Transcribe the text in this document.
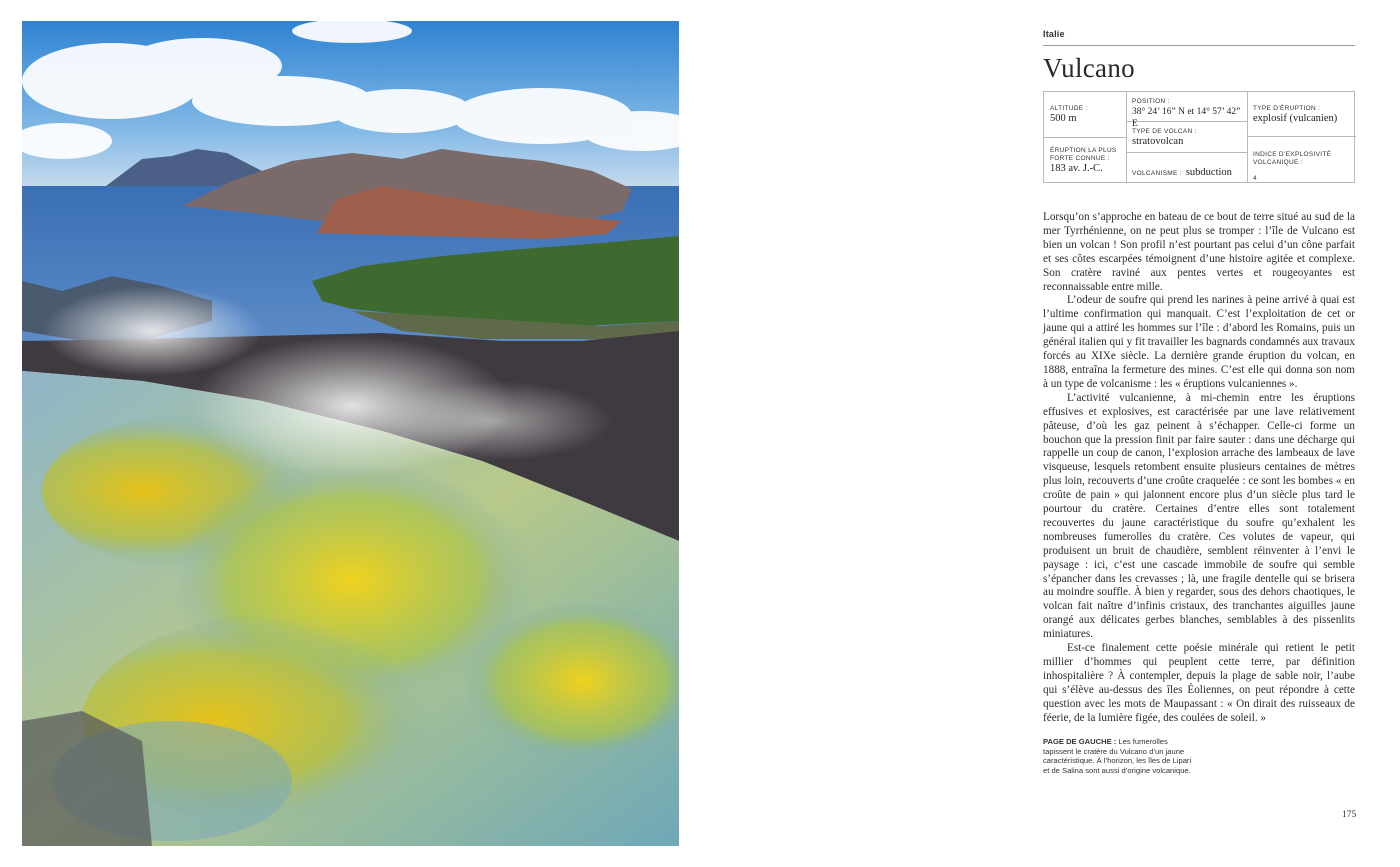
Italie
Vulcano
ALTITUDE :
500 m
ÉRUPTION LA PLUS FORTE CONNUE :
183 av. J.-C.
POSITION :
38° 24’ 16” N et 14° 57’ 42” E
TYPE DE VOLCAN :
stratovolcan
VOLCANISME : subduction
TYPE D’ÉRUPTION :
explosif (vulcanien)
INDICE D’EXPLOSIVITÉ VOLCANIQUE :
4

Lorsqu’on s’approche en bateau de ce bout de terre situé au sud de la mer Tyrrhénienne, on ne peut plus se tromper : l’île de Vulcano est bien un volcan ! Son profil n’est pourtant pas celui d’un cône parfait et ses côtes escarpées témoignent d’une histoire agitée et complexe. Son cratère raviné aux pentes vertes et rougeoyantes est reconnaissable entre mille.

L’odeur de soufre qui prend les narines à peine arrivé à quai est l’ultime confirmation qui manquait. C’est l’exploitation de cet or jaune qui a attiré les hommes sur l’île : d’abord les Romains, puis un général italien qui y fit travailler les bagnards condamnés aux travaux forcés au XIXe siècle. La dernière grande éruption du volcan, en 1888, entraîna la fermeture des mines. C’est elle qui donna son nom à un type de volcanisme : les « éruptions vulcaniennes ».

L’activité vulcanienne, à mi-chemin entre les éruptions effusives et explosives, est caractérisée par une lave relativement pâteuse, d’où les gaz peinent à s’échapper. Celle-ci forme un bouchon que la pression finit par faire sauter : dans une décharge qui rappelle un coup de canon, l’explosion arrache des lambeaux de lave visqueuse, lesquels retombent ensuite plusieurs centaines de mètres plus loin, recouverts d’une croûte craquelée : ce sont les bombes « en croûte de pain » qui jalonnent encore plus d’un siècle plus tard le pourtour du cratère. Certaines d’entre elles sont totalement recouvertes du jaune caractéristique du soufre qu’exhalent les nombreuses fumerolles du cratère. Ces volutes de vapeur, qui produisent un bruit de chaudière, semblent réinventer à l’envi le paysage : ici, c’est une cascade immobile de soufre qui semble s’épancher dans les crevasses ; là, une fragile dentelle qui se brisera au moindre souffle. À bien y regarder, sous des dehors chaotiques, le volcan fait naître d’infinis cristaux, des tranchantes aiguilles jaune orangé aux délicates gerbes blanches, semblables à des pissenlits miniatures.

Est-ce finalement cette poésie minérale qui retient le petit millier d’hommes qui peuplent cette terre, par définition inhospitalière ? À contempler, depuis la plage de sable noir, l’aube qui s’élève au-dessus des îles Éoliennes, on peut répondre à cette question avec les mots de Maupassant : « On dirait des ruisseaux de féerie, de la lumière figée, des coulées de soleil. »

PAGE DE GAUCHE : Les fumerolles tapissent le cratère du Vulcano d’un jaune caractéristique. À l’horizon, les îles de Lipari et de Salina sont aussi d’origine volcanique.
175
